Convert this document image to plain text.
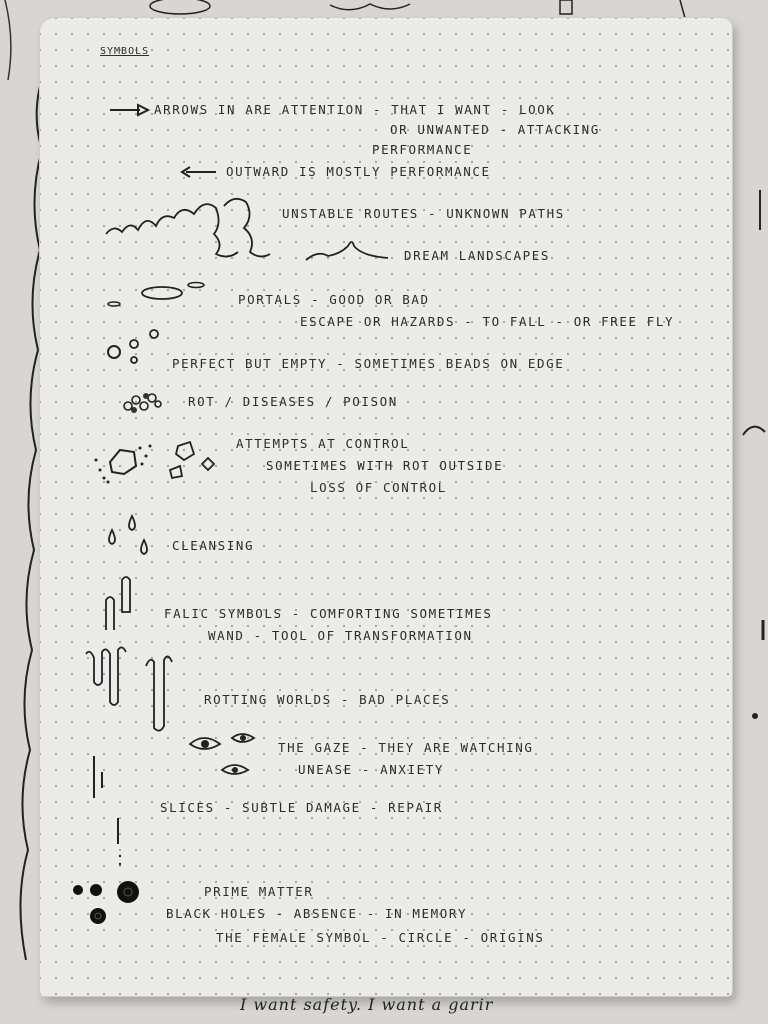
SYMBOLS
ARROWS IN ARE ATTENTION - THAT I WANT - LOOK
OR UNWANTED - ATTACKING
PERFORMANCE
OUTWARD IS MOSTLY PERFORMANCE
UNSTABLE ROUTES - UNKNOWN PATHS
DREAM LANDSCAPES
PORTALS - GOOD OR BAD
ESCAPE OR HAZARDS - TO FALL - OR FREE FLY
PERFECT BUT EMPTY - SOMETIMES BEADS ON EDGE
ROT / DISEASES / POISON
ATTEMPTS AT CONTROL
SOMETIMES WITH ROT OUTSIDE
LOSS OF CONTROL
CLEANSING
FALIC SYMBOLS - COMFORTING SOMETIMES
WAND - TOOL OF TRANSFORMATION
ROTTING WORLDS - BAD PLACES
THE GAZE - THEY ARE WATCHING
UNEASE - ANXIETY
SLICES - SUBTLE DAMAGE - REPAIR
PRIME MATTER
BLACK HOLES - ABSENCE - IN MEMORY
THE FEMALE SYMBOL - CIRCLE - ORIGINS
I want safety. I want a garir
